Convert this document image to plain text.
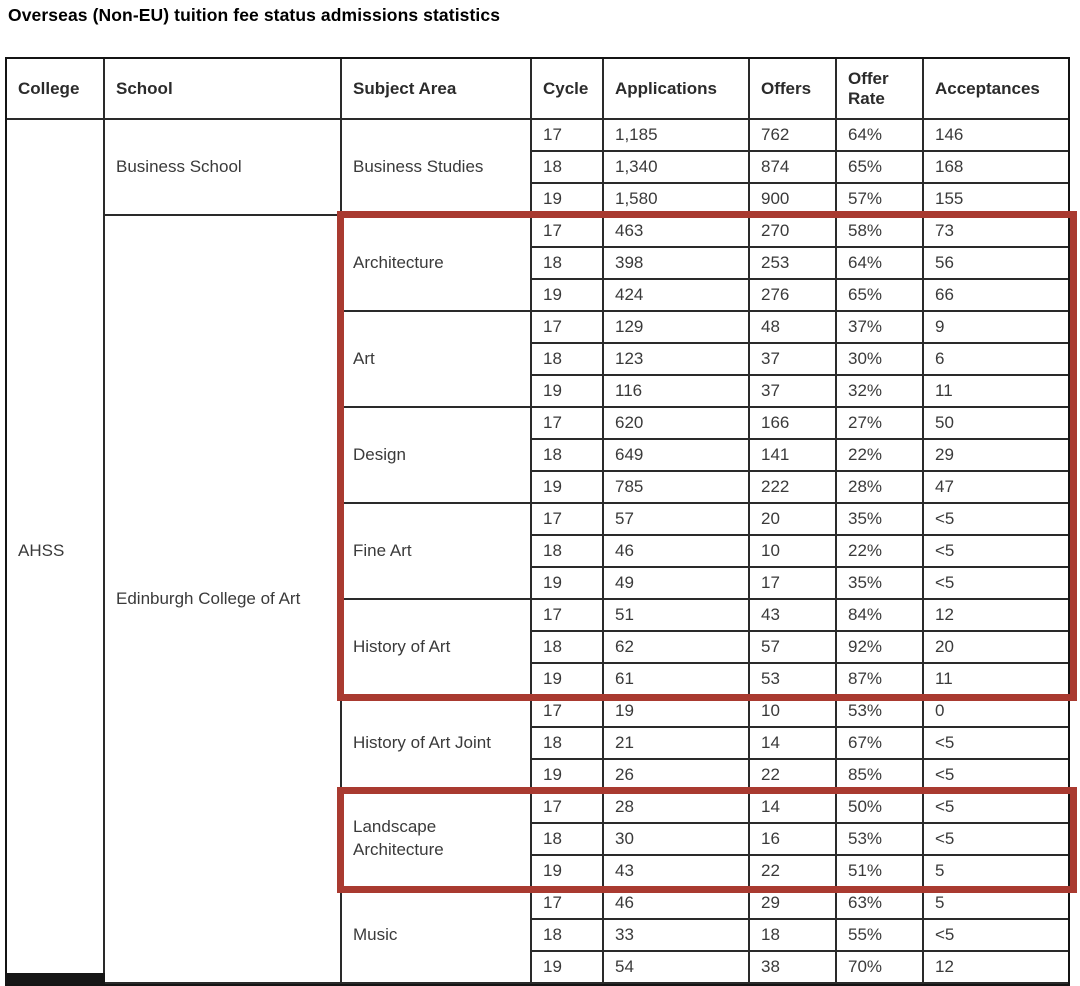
Overseas (Non-EU) tuition fee status admissions statistics
College	School	Subject Area	Cycle	Applications	Offers	Offer Rate	Acceptances
AHSS	Business School	Business Studies	17	1,185	762	64%	146
			18	1,340	874	65%	168
			19	1,580	900	57%	155
	Edinburgh College of Art	Architecture	17	463	270	58%	73
			18	398	253	64%	56
			19	424	276	65%	66
		Art	17	129	48	37%	9
			18	123	37	30%	6
			19	116	37	32%	11
		Design	17	620	166	27%	50
			18	649	141	22%	29
			19	785	222	28%	47
		Fine Art	17	57	20	35%	<5
			18	46	10	22%	<5
			19	49	17	35%	<5
		History of Art	17	51	43	84%	12
			18	62	57	92%	20
			19	61	53	87%	11
		History of Art Joint	17	19	10	53%	0
			18	21	14	67%	<5
			19	26	22	85%	<5
		Landscape Architecture	17	28	14	50%	<5
			18	30	16	53%	<5
			19	43	22	51%	5
		Music	17	46	29	63%	5
			18	33	18	55%	<5
			19	54	38	70%	12
